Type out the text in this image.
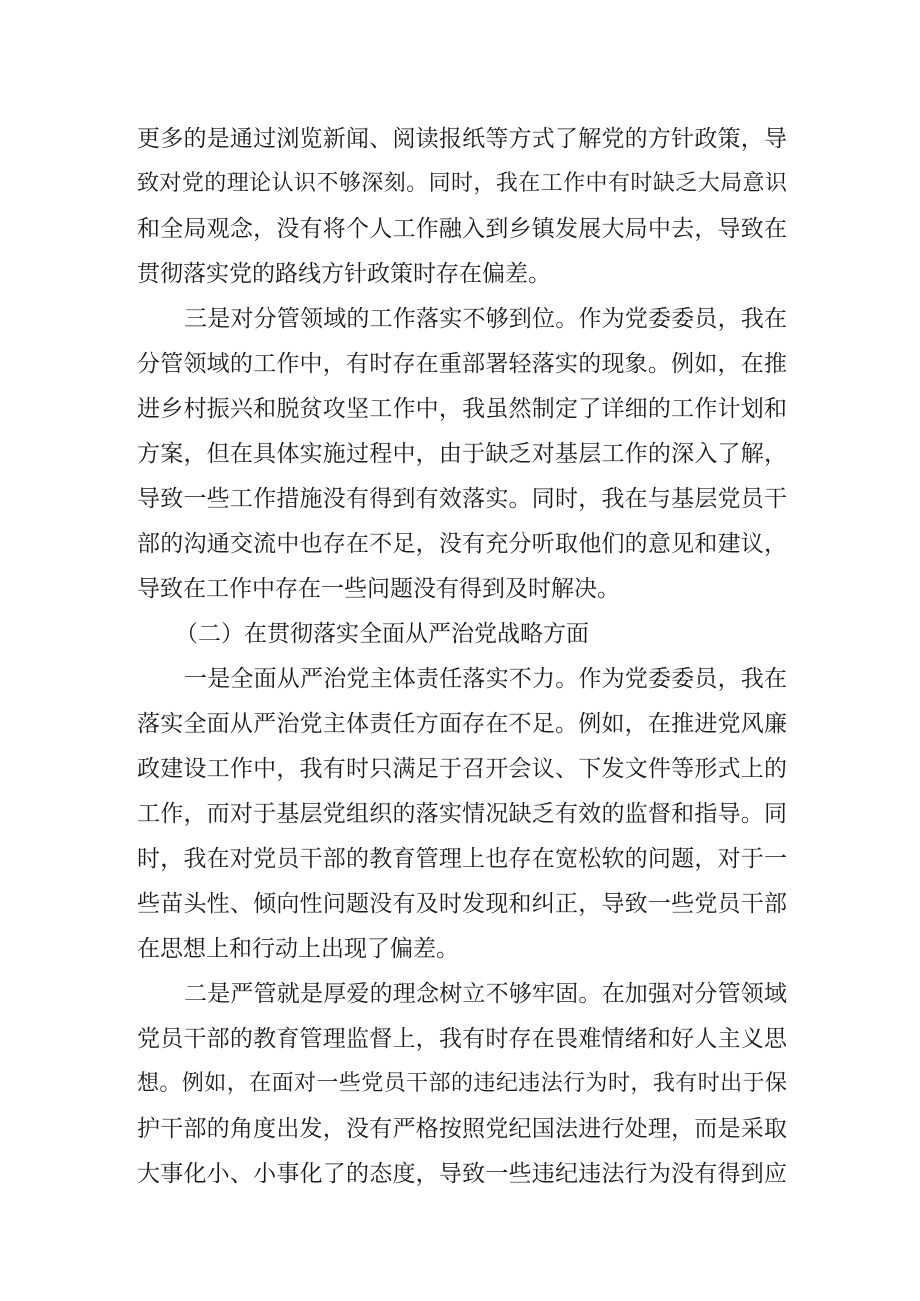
更多的是通过浏览新闻、阅读报纸等方式了解党的方针政策，导
致对党的理论认识不够深刻。同时，我在工作中有时缺乏大局意识
和全局观念，没有将个人工作融入到乡镇发展大局中去，导致在
贯彻落实党的路线方针政策时存在偏差。
三是对分管领域的工作落实不够到位。作为党委委员，我在
分管领域的工作中，有时存在重部署轻落实的现象。例如，在推
进乡村振兴和脱贫攻坚工作中，我虽然制定了详细的工作计划和
方案，但在具体实施过程中，由于缺乏对基层工作的深入了解，
导致一些工作措施没有得到有效落实。同时，我在与基层党员干
部的沟通交流中也存在不足，没有充分听取他们的意见和建议，
导致在工作中存在一些问题没有得到及时解决。
（二）在贯彻落实全面从严治党战略方面
一是全面从严治党主体责任落实不力。作为党委委员，我在
落实全面从严治党主体责任方面存在不足。例如，在推进党风廉
政建设工作中，我有时只满足于召开会议、下发文件等形式上的
工作，而对于基层党组织的落实情况缺乏有效的监督和指导。同
时，我在对党员干部的教育管理上也存在宽松软的问题，对于一
些苗头性、倾向性问题没有及时发现和纠正，导致一些党员干部
在思想上和行动上出现了偏差。
二是严管就是厚爱的理念树立不够牢固。在加强对分管领域
党员干部的教育管理监督上，我有时存在畏难情绪和好人主义思
想。例如，在面对一些党员干部的违纪违法行为时，我有时出于保
护干部的角度出发，没有严格按照党纪国法进行处理，而是采取
大事化小、小事化了的态度，导致一些违纪违法行为没有得到应
